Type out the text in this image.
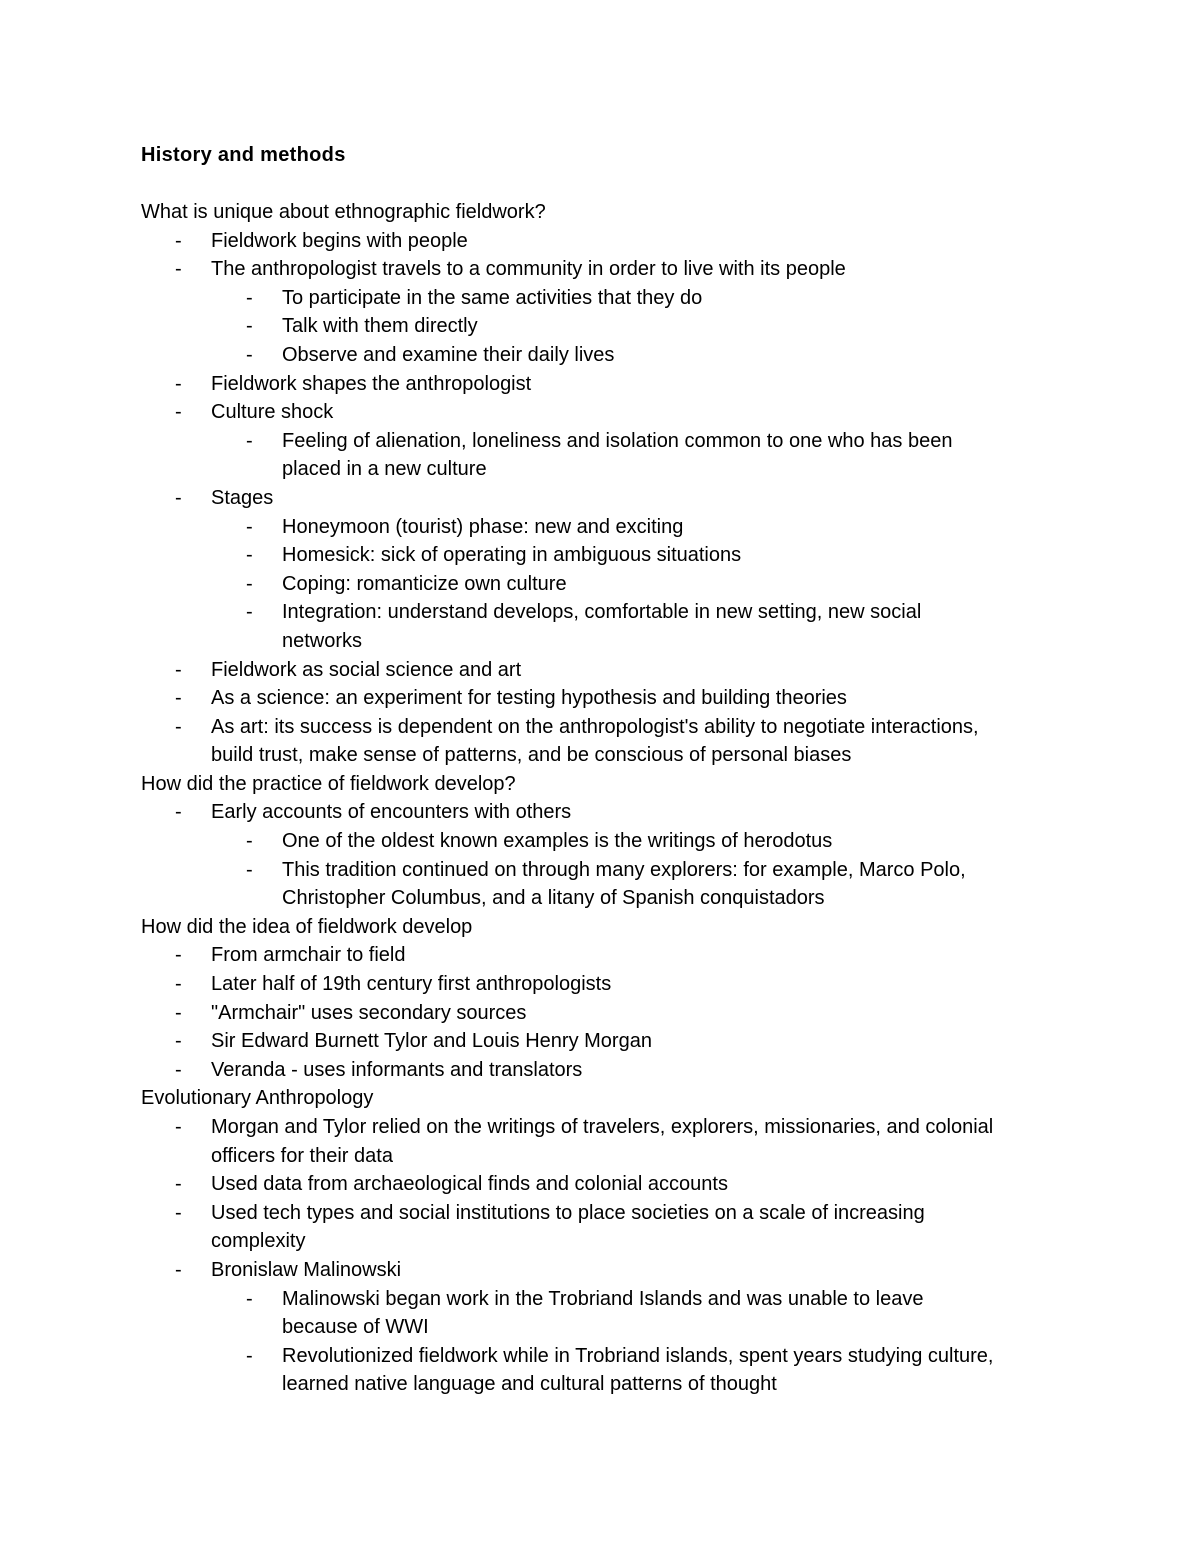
History and methods
What is unique about ethnographic fieldwork?
- Fieldwork begins with people
- The anthropologist travels to a community in order to live with its people
- To participate in the same activities that they do
- Talk with them directly
- Observe and examine their daily lives
- Fieldwork shapes the anthropologist
- Culture shock
- Feeling of alienation, loneliness and isolation common to one who has been
placed in a new culture
- Stages
- Honeymoon (tourist) phase: new and exciting
- Homesick: sick of operating in ambiguous situations
- Coping: romanticize own culture
- Integration: understand develops, comfortable in new setting, new social
networks
- Fieldwork as social science and art
- As a science: an experiment for testing hypothesis and building theories
- As art: its success is dependent on the anthropologist's ability to negotiate interactions,
build trust, make sense of patterns, and be conscious of personal biases
How did the practice of fieldwork develop?
- Early accounts of encounters with others
- One of the oldest known examples is the writings of herodotus
- This tradition continued on through many explorers: for example, Marco Polo,
Christopher Columbus, and a litany of Spanish conquistadors
How did the idea of fieldwork develop
- From armchair to field
- Later half of 19th century first anthropologists
- "Armchair" uses secondary sources
- Sir Edward Burnett Tylor and Louis Henry Morgan
- Veranda - uses informants and translators
Evolutionary Anthropology
- Morgan and Tylor relied on the writings of travelers, explorers, missionaries, and colonial
officers for their data
- Used data from archaeological finds and colonial accounts
- Used tech types and social institutions to place societies on a scale of increasing
complexity
- Bronislaw Malinowski
- Malinowski began work in the Trobriand Islands and was unable to leave
because of WWI
- Revolutionized fieldwork while in Trobriand islands, spent years studying culture,
learned native language and cultural patterns of thought
